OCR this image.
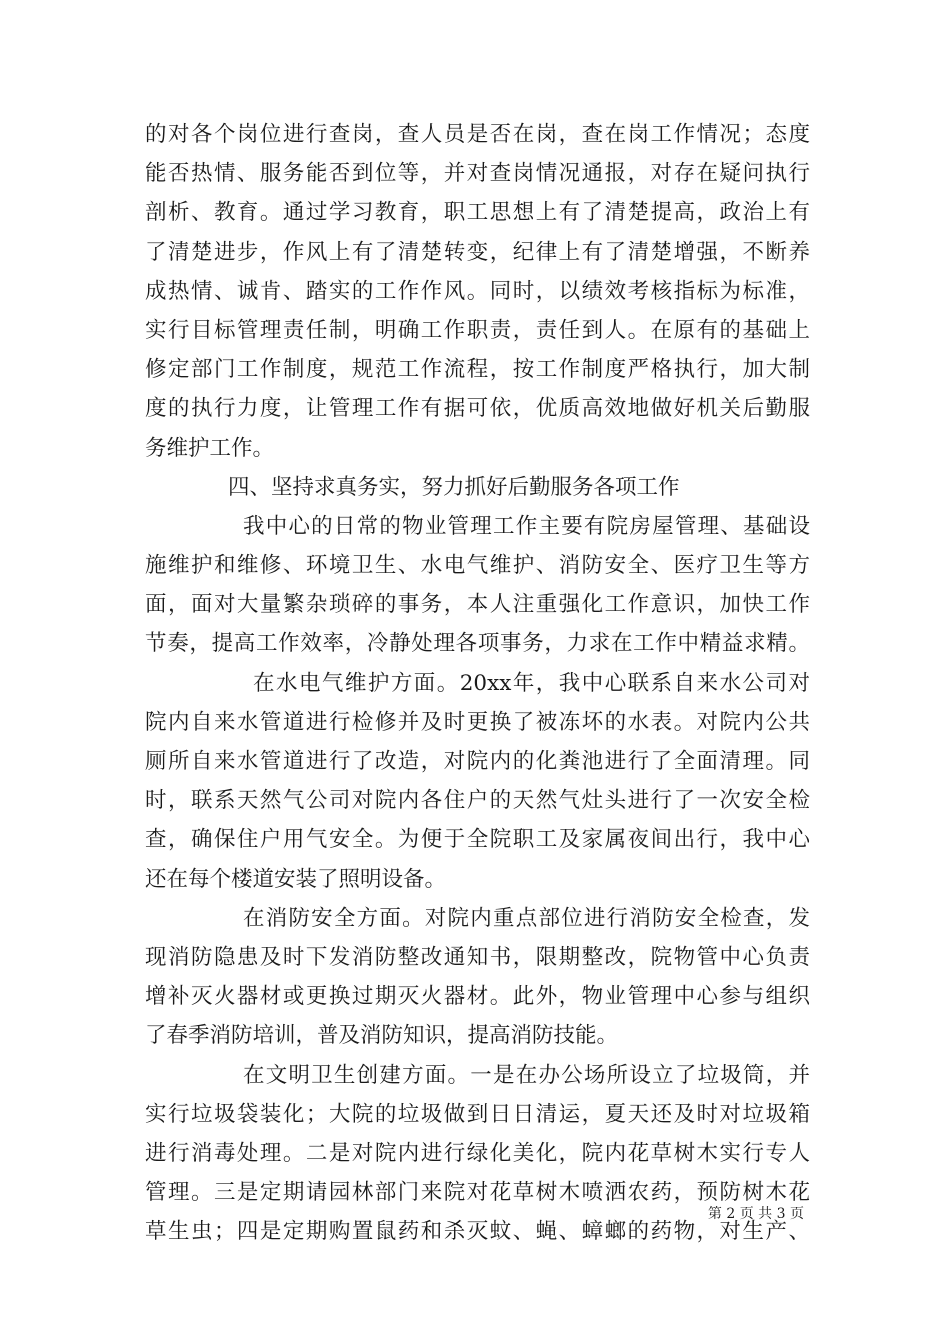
的对各个岗位进行查岗，查人员是否在岗，查在岗工作情况；态度
能否热情、服务能否到位等，并对查岗情况通报，对存在疑问执行
剖析、教育。通过学习教育，职工思想上有了清楚提高，政治上有
了清楚进步，作风上有了清楚转变，纪律上有了清楚增强，不断养
成热情、诚肯、踏实的工作作风。同时，以绩效考核指标为标准，
实行目标管理责任制，明确工作职责，责任到人。在原有的基础上
修定部门工作制度，规范工作流程，按工作制度严格执行，加大制
度的执行力度，让管理工作有据可依，优质高效地做好机关后勤服
务维护工作。
四、坚持求真务实，努力抓好后勤服务各项工作
我中心的日常的物业管理工作主要有院房屋管理、基础设
施维护和维修、环境卫生、水电气维护、消防安全、医疗卫生等方
面，面对大量繁杂琐碎的事务，本人注重强化工作意识，加快工作
节奏，提高工作效率，冷静处理各项事务，力求在工作中精益求精。
在水电气维护方面。20xx年，我中心联系自来水公司对
院内自来水管道进行检修并及时更换了被冻坏的水表。对院内公共
厕所自来水管道进行了改造，对院内的化粪池进行了全面清理。同
时，联系天然气公司对院内各住户的天然气灶头进行了一次安全检
查，确保住户用气安全。为便于全院职工及家属夜间出行，我中心
还在每个楼道安装了照明设备。
在消防安全方面。对院内重点部位进行消防安全检查，发
现消防隐患及时下发消防整改通知书，限期整改，院物管中心负责
增补灭火器材或更换过期灭火器材。此外，物业管理中心参与组织
了春季消防培训，普及消防知识，提高消防技能。
在文明卫生创建方面。一是在办公场所设立了垃圾筒，并
实行垃圾袋装化；大院的垃圾做到日日清运，夏天还及时对垃圾箱
进行消毒处理。二是对院内进行绿化美化，院内花草树木实行专人
管理。三是定期请园林部门来院对花草树木喷洒农药，预防树木花
草生虫；四是定期购置鼠药和杀灭蚊、蝇、蟑螂的药物，对生产、
第 2 页 共 3 页
